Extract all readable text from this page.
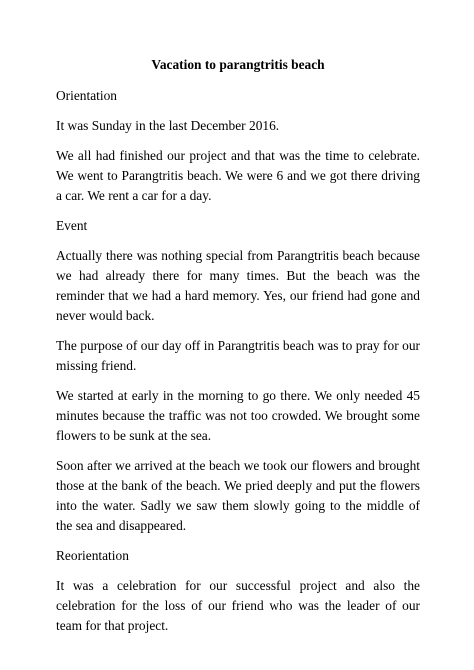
Vacation to parangtritis beach

Orientation

It was Sunday in the last December 2016.

We all had finished our project and that was the time to celebrate. We went to Parangtritis beach. We were 6 and we got there driving a car. We rent a car for a day.

Event

Actually there was nothing special from Parangtritis beach because we had already there for many times. But the beach was the reminder that we had a hard memory. Yes, our friend had gone and never would back.

The purpose of our day off in Parangtritis beach was to pray for our missing friend.

We started at early in the morning to go there. We only needed 45 minutes because the traffic was not too crowded. We brought some flowers to be sunk at the sea.

Soon after we arrived at the beach we took our flowers and brought those at the bank of the beach. We pried deeply and put the flowers into the water. Sadly we saw them slowly going to the middle of the sea and disappeared.

Reorientation

It was a celebration for our successful project and also the celebration for the loss of our friend who was the leader of our team for that project.
